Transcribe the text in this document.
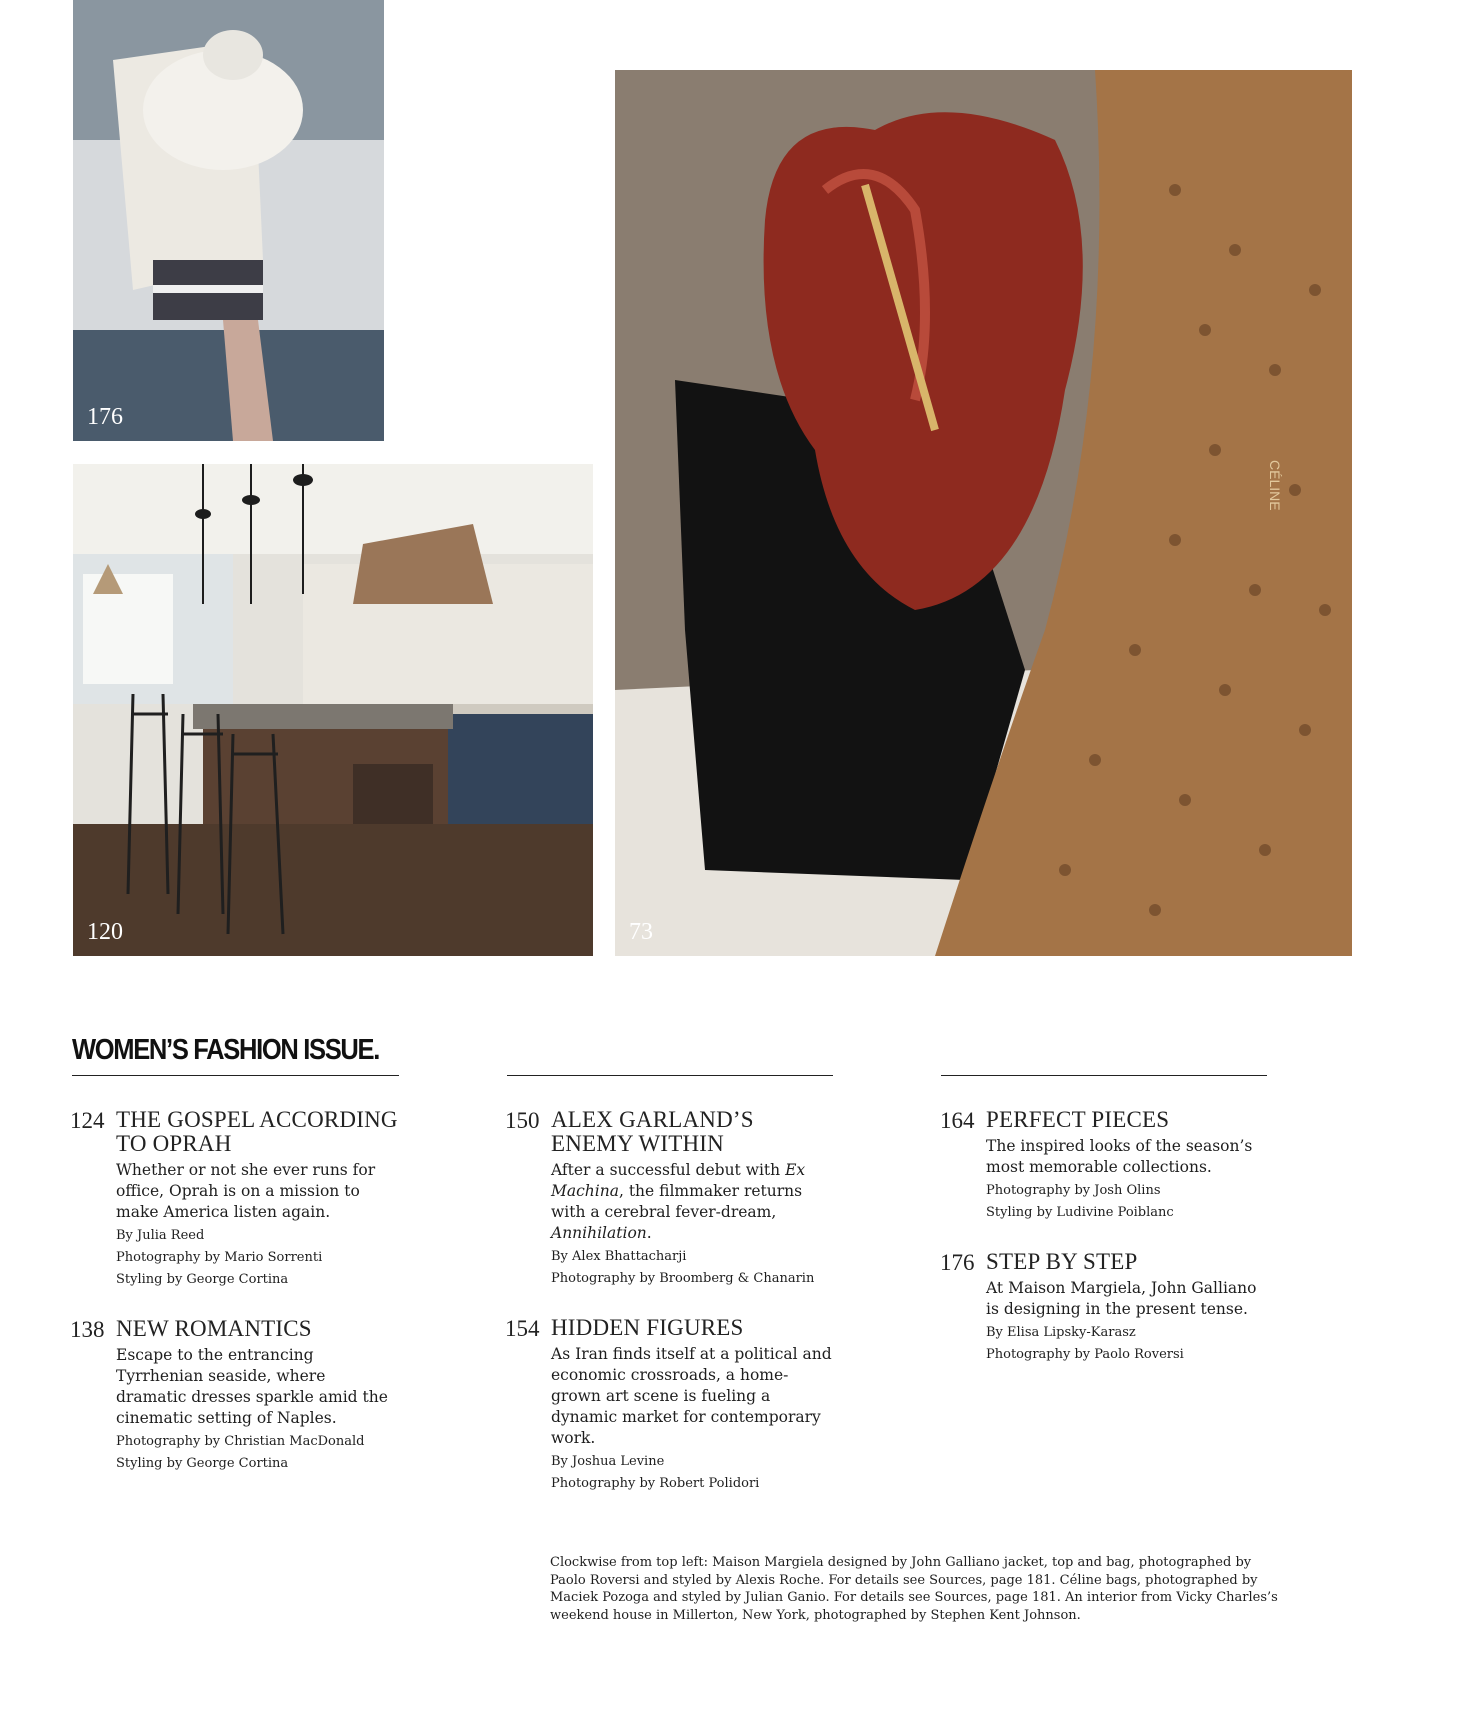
176
120
CÉLINE
73
WOMEN’S FASHION ISSUE.
124 THE GOSPEL ACCORDING TO OPRAH
Whether or not she ever runs for office, Oprah is on a mission to make America listen again.
By Julia Reed
Photography by Mario Sorrenti
Styling by George Cortina
138 NEW ROMANTICS
Escape to the entrancing Tyrrhenian seaside, where dramatic dresses sparkle amid the cinematic setting of Naples.
Photography by Christian MacDonald
Styling by George Cortina
150 ALEX GARLAND’S ENEMY WITHIN
After a successful debut with Ex Machina, the filmmaker returns with a cerebral fever-dream, Annihilation.
By Alex Bhattacharji
Photography by Broomberg & Chanarin
154 HIDDEN FIGURES
As Iran finds itself at a political and economic crossroads, a home-grown art scene is fueling a dynamic market for contemporary work.
By Joshua Levine
Photography by Robert Polidori
164 PERFECT PIECES
The inspired looks of the season’s most memorable collections.
Photography by Josh Olins
Styling by Ludivine Poiblanc
176 STEP BY STEP
At Maison Margiela, John Galliano is designing in the present tense.
By Elisa Lipsky-Karasz
Photography by Paolo Roversi
Clockwise from top left: Maison Margiela designed by John Galliano jacket, top and bag, photographed by Paolo Roversi and styled by Alexis Roche. For details see Sources, page 181. Céline bags, photographed by Maciek Pozoga and styled by Julian Ganio. For details see Sources, page 181. An interior from Vicky Charles’s weekend house in Millerton, New York, photographed by Stephen Kent Johnson.
